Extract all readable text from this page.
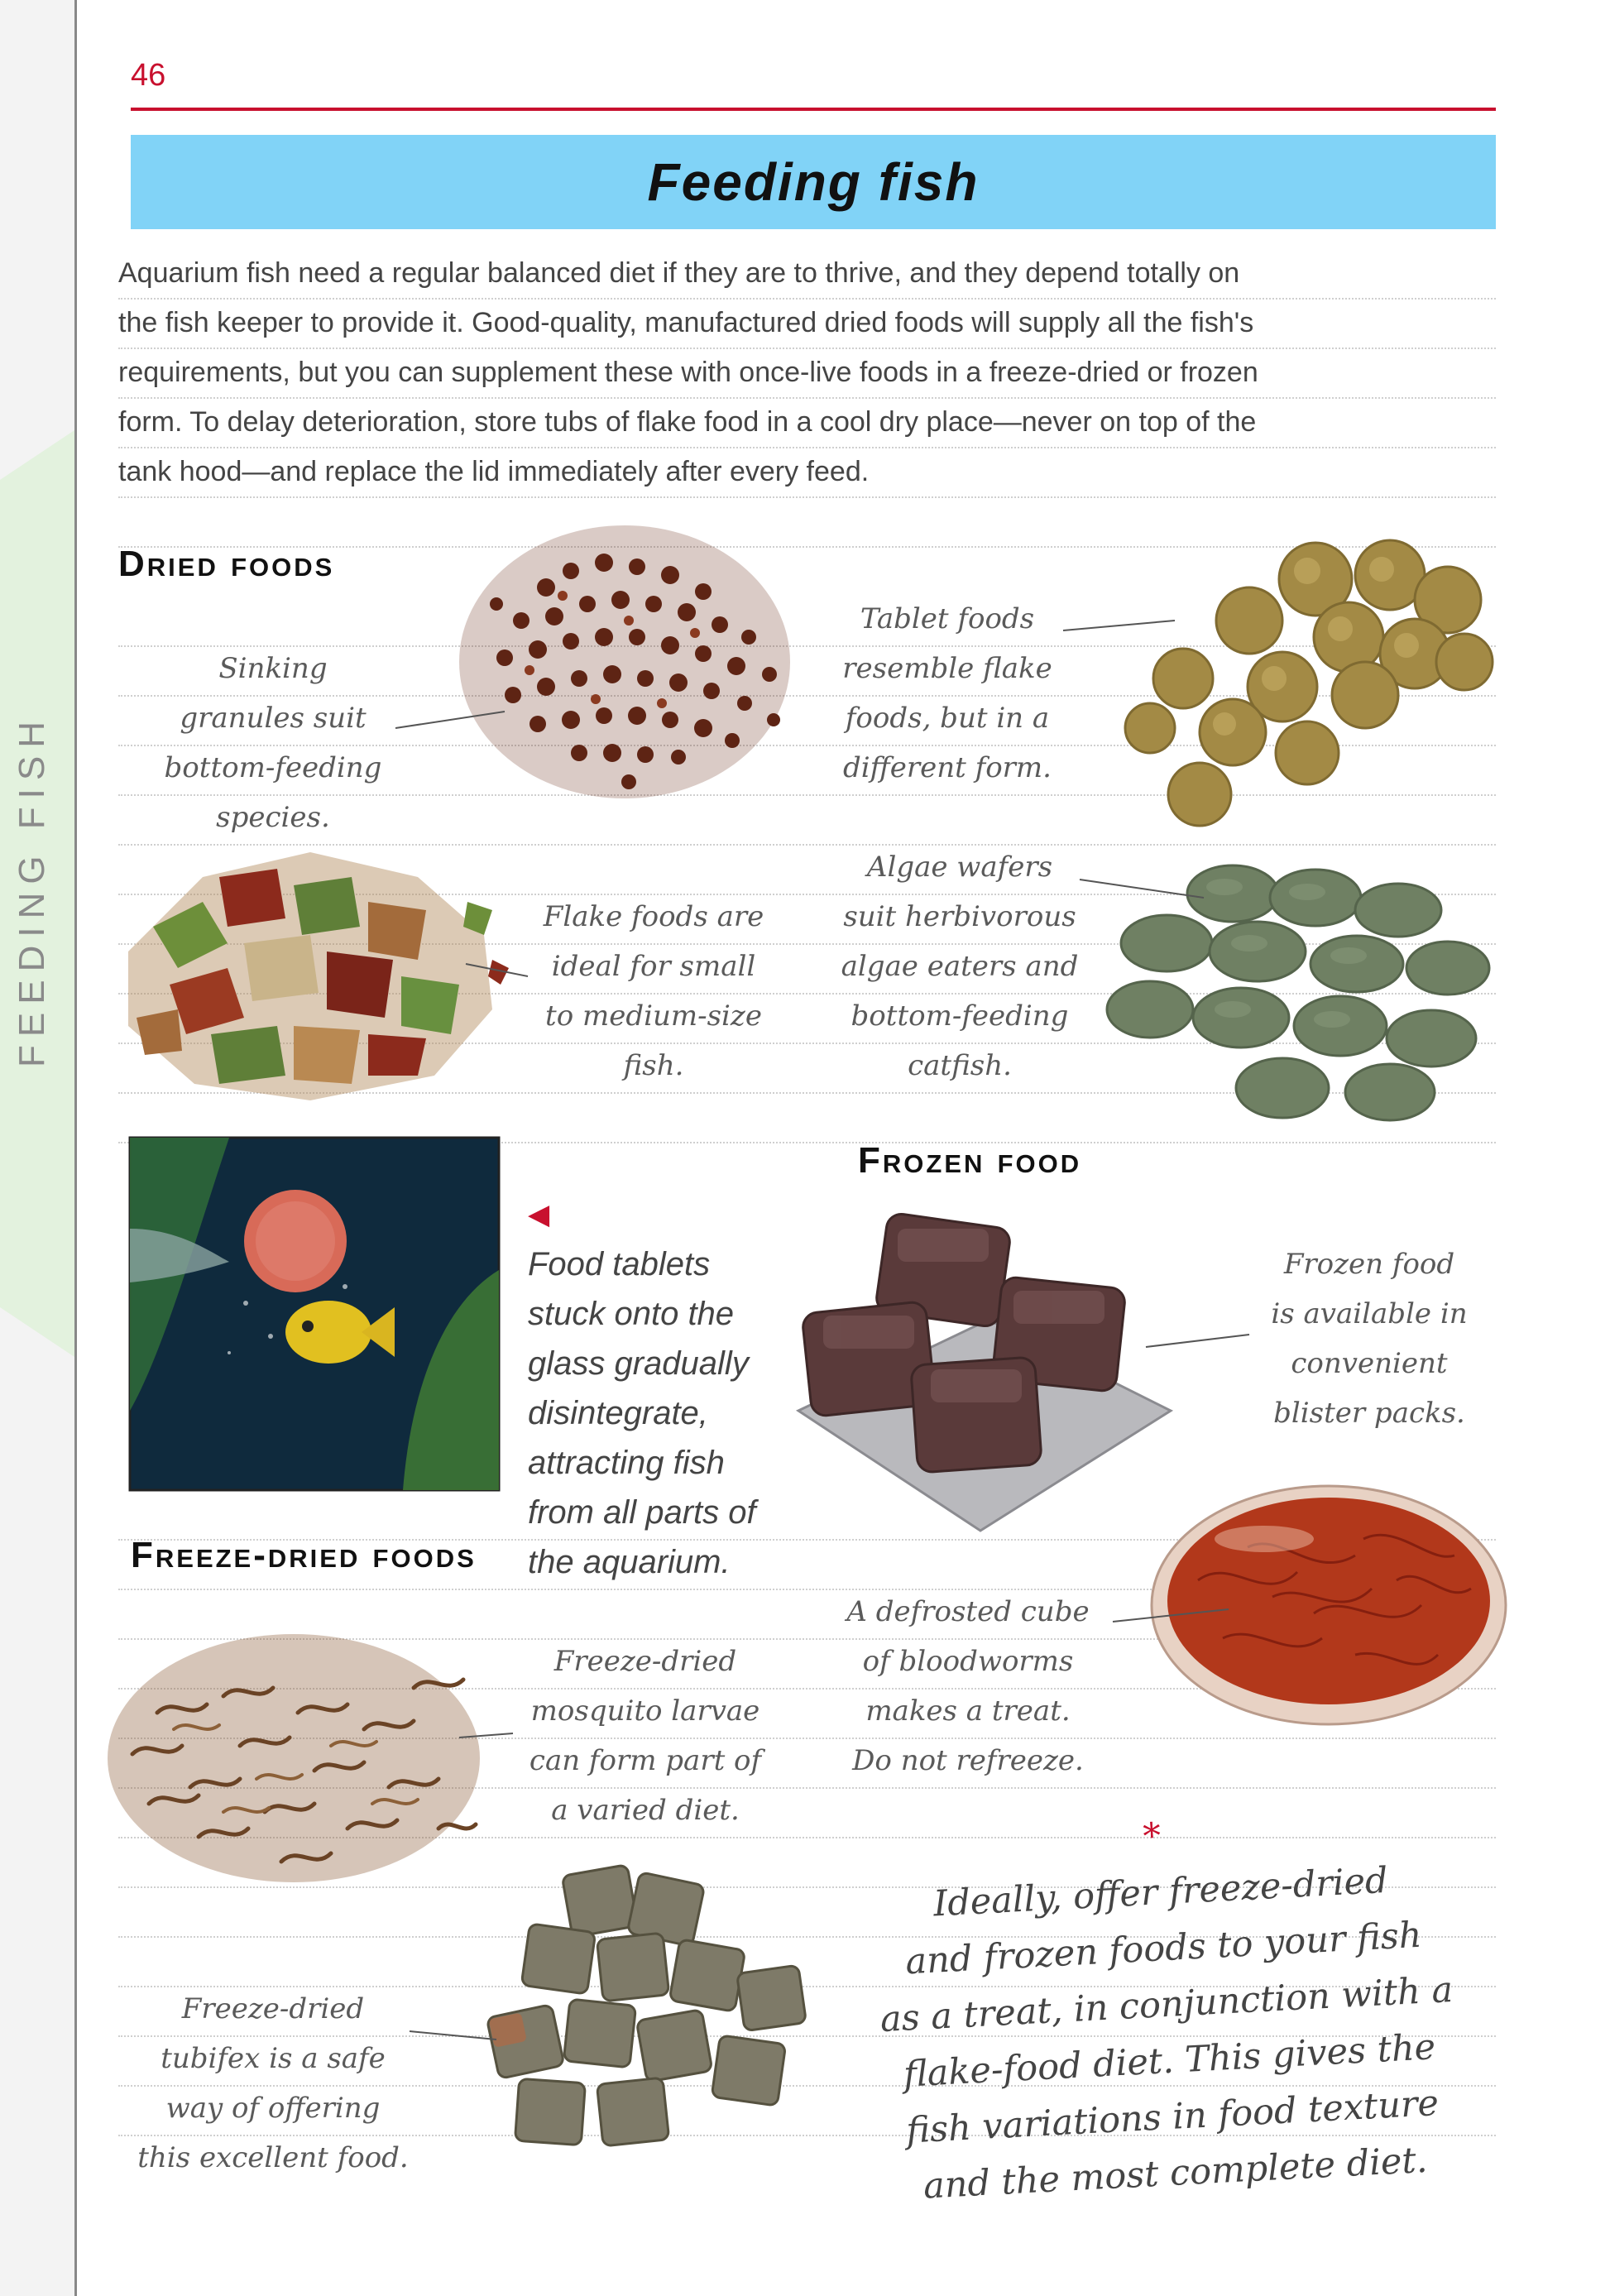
FEEDING FISH
46
Feeding fish
Aquarium fish need a regular balanced diet if they are to thrive, and they depend totally on
the fish keeper to provide it. Good-quality, manufactured dried foods will supply all the fish's
requirements, but you can supplement these with once-live foods in a freeze-dried or frozen
form. To delay deterioration, store tubs of flake food in a cool dry place—never on top of the
tank hood—and replace the lid immediately after every feed.
Dried foods
Frozen food
Freeze-dried foods
Sinking
granules suit
bottom-feeding
species.
Tablet foods
resemble flake
foods, but in a
different form.
Flake foods are
ideal for small
to medium-size
fish.
Algae wafers
suit herbivorous
algae eaters and
bottom-feeding
catfish.
Frozen food
is available in
convenient
blister packs.
A defrosted cube
of bloodworms
makes a treat.
Do not refreeze.
Freeze-dried
mosquito larvae
can form part of
a varied diet.
Freeze-dried
tubifex is a safe
way of offering
this excellent food.
◀
Food tablets
stuck onto the
glass gradually
disintegrate,
attracting fish
from all parts of
the aquarium.
*
Ideally, offer freeze-dried
and frozen foods to your fish
as a treat, in conjunction with a
flake-food diet. This gives the
fish variations in food texture
and the most complete diet.
